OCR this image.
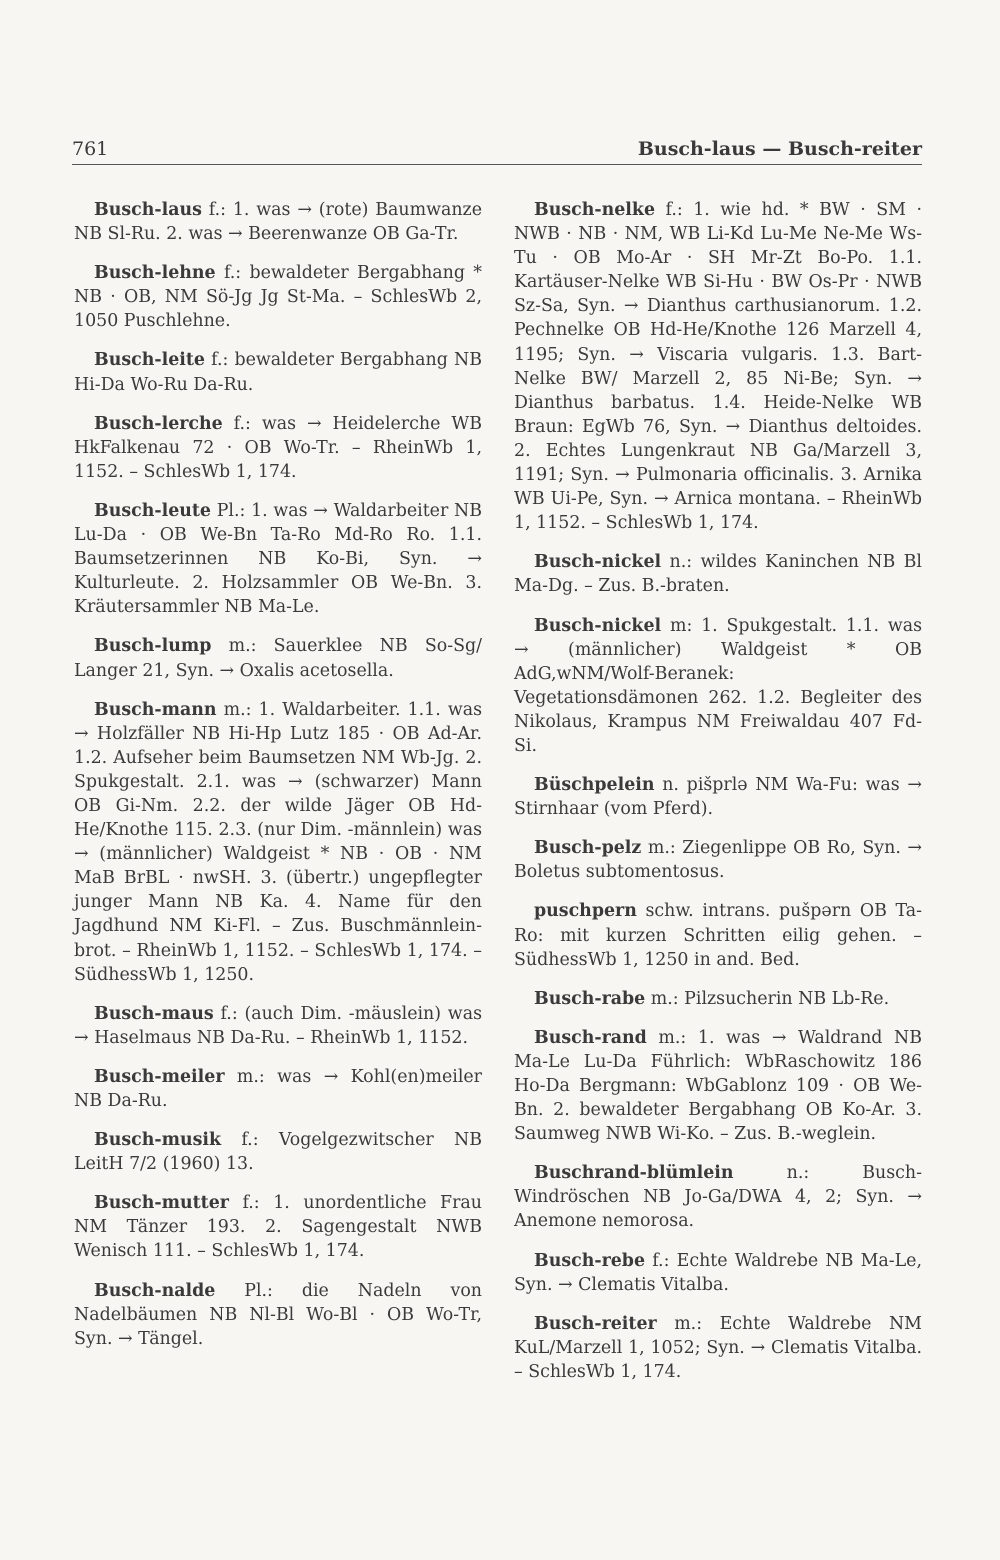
761	Busch-laus — Busch-reiter

Busch-laus f.: 1. was → (rote) Baumwanze NB Sl-Ru. 2. was → Beerenwanze OB Ga-Tr.

Busch-lehne f.: bewaldeter Bergabhang * NB · OB, NM Sö-Jg Jg St-Ma. – SchlesWb 2, 1050 Puschlehne.

Busch-leite f.: bewaldeter Bergabhang NB Hi-Da Wo-Ru Da-Ru.

Busch-lerche f.: was → Heidelerche WB HkFalkenau 72 · OB Wo-Tr. – RheinWb 1, 1152. – SchlesWb 1, 174.

Busch-leute Pl.: 1. was → Waldarbeiter NB Lu-Da · OB We-Bn Ta-Ro Md-Ro Ro. 1.1. Baumsetzerinnen NB Ko-Bi, Syn. → Kulturleute. 2. Holzsammler OB We-Bn. 3. Kräutersammler NB Ma-Le.

Busch-lump m.: Sauerklee NB So-Sg/ Langer 21, Syn. → Oxalis acetosella.

Busch-mann m.: 1. Waldarbeiter. 1.1. was → Holzfäller NB Hi-Hp Lutz 185 · OB Ad-Ar. 1.2. Aufseher beim Baumsetzen NM Wb-Jg. 2. Spukgestalt. 2.1. was → (schwarzer) Mann OB Gi-Nm. 2.2. der wilde Jäger OB Hd-He/Knothe 115. 2.3. (nur Dim. -männlein) was → (männlicher) Waldgeist * NB · OB · NM MaB BrBL · nwSH. 3. (übertr.) ungepflegter junger Mann NB Ka. 4. Name für den Jagdhund NM Ki-Fl. – Zus. Buschmännlein-brot. – RheinWb 1, 1152. – SchlesWb 1, 174. – SüdhessWb 1, 1250.

Busch-maus f.: (auch Dim. -mäuslein) was → Haselmaus NB Da-Ru. – RheinWb 1, 1152.

Busch-meiler m.: was → Kohl(en)meiler NB Da-Ru.

Busch-musik f.: Vogelgezwitscher NB LeitH 7/2 (1960) 13.

Busch-mutter f.: 1. unordentliche Frau NM Tänzer 193. 2. Sagengestalt NWB Wenisch 111. – SchlesWb 1, 174.

Busch-nalde Pl.: die Nadeln von Nadelbäumen NB Nl-Bl Wo-Bl · OB Wo-Tr, Syn. → Tängel.

Busch-nelke f.: 1. wie hd. * BW · SM · NWB · NB · NM, WB Li-Kd Lu-Me Ne-Me Ws-Tu · OB Mo-Ar · SH Mr-Zt Bo-Po. 1.1. Kartäuser-Nelke WB Si-Hu · BW Os-Pr · NWB Sz-Sa, Syn. → Dianthus carthusianorum. 1.2. Pechnelke OB Hd-He/Knothe 126 Marzell 4, 1195; Syn. → Viscaria vulgaris. 1.3. Bart-Nelke BW/ Marzell 2, 85 Ni-Be; Syn. → Dianthus barbatus. 1.4. Heide-Nelke WB Braun: EgWb 76, Syn. → Dianthus deltoides. 2. Echtes Lungenkraut NB Ga/Marzell 3, 1191; Syn. → Pulmonaria officinalis. 3. Arnika WB Ui-Pe, Syn. → Arnica montana. – RheinWb 1, 1152. – SchlesWb 1, 174.

Busch-nickel n.: wildes Kaninchen NB Bl Ma-Dg. – Zus. B.-braten.

Busch-nickel m: 1. Spukgestalt. 1.1. was → (männlicher) Waldgeist * OB AdG,wNM/Wolf-Beranek: Vegetationsdämonen 262. 1.2. Begleiter des Nikolaus, Krampus NM Freiwaldau 407 Fd-Si.

Büschpelein n. pišprlə NM Wa-Fu: was → Stirnhaar (vom Pferd).

Busch-pelz m.: Ziegenlippe OB Ro, Syn. → Boletus subtomentosus.

puschpern schw. intrans. pušpərn OB Ta-Ro: mit kurzen Schritten eilig gehen. – SüdhessWb 1, 1250 in and. Bed.

Busch-rabe m.: Pilzsucherin NB Lb-Re.

Busch-rand m.: 1. was → Waldrand NB Ma-Le Lu-Da Führlich: WbRaschowitz 186 Ho-Da Bergmann: WbGablonz 109 · OB We-Bn. 2. bewaldeter Bergabhang OB Ko-Ar. 3. Saumweg NWB Wi-Ko. – Zus. B.-weglein.

Buschrand-blümlein n.: Busch-Windröschen NB Jo-Ga/DWA 4, 2; Syn. → Anemone nemorosa.

Busch-rebe f.: Echte Waldrebe NB Ma-Le, Syn. → Clematis Vitalba.

Busch-reiter m.: Echte Waldrebe NM KuL/Marzell 1, 1052; Syn. → Clematis Vitalba. – SchlesWb 1, 174.
